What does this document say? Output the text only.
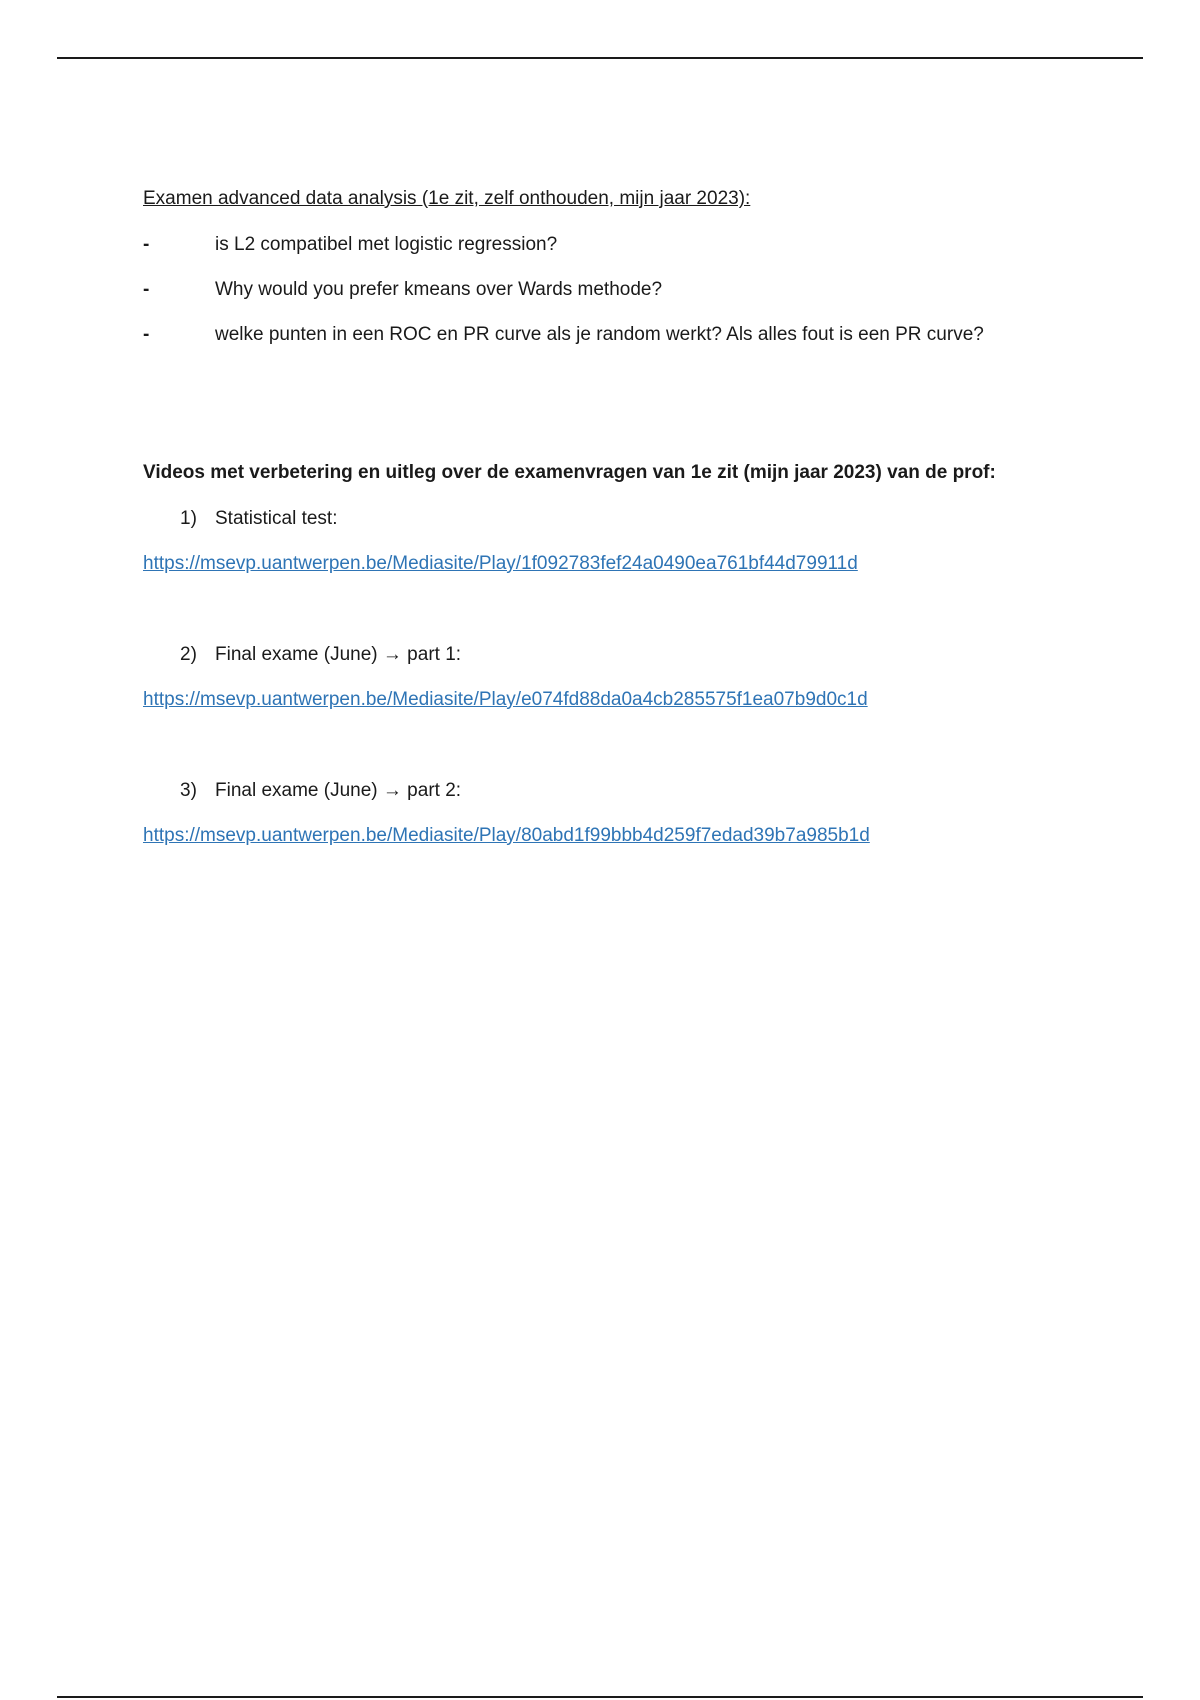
Examen advanced data analysis (1e zit, zelf onthouden, mijn jaar 2023):
-	is L2 compatibel met logistic regression?
-	Why would you prefer kmeans over Wards methode?
-	welke punten in een ROC en PR curve als je random werkt? Als alles fout is een PR curve?
Videos met verbetering en uitleg over de examenvragen van 1e zit (mijn jaar 2023) van de prof:
1) Statistical test:
https://msevp.uantwerpen.be/Mediasite/Play/1f092783fef24a0490ea761bf44d79911d
2) Final exame (June) → part 1:
https://msevp.uantwerpen.be/Mediasite/Play/e074fd88da0a4cb285575f1ea07b9d0c1d
3) Final exame (June) → part 2:
https://msevp.uantwerpen.be/Mediasite/Play/80abd1f99bbb4d259f7edad39b7a985b1d
